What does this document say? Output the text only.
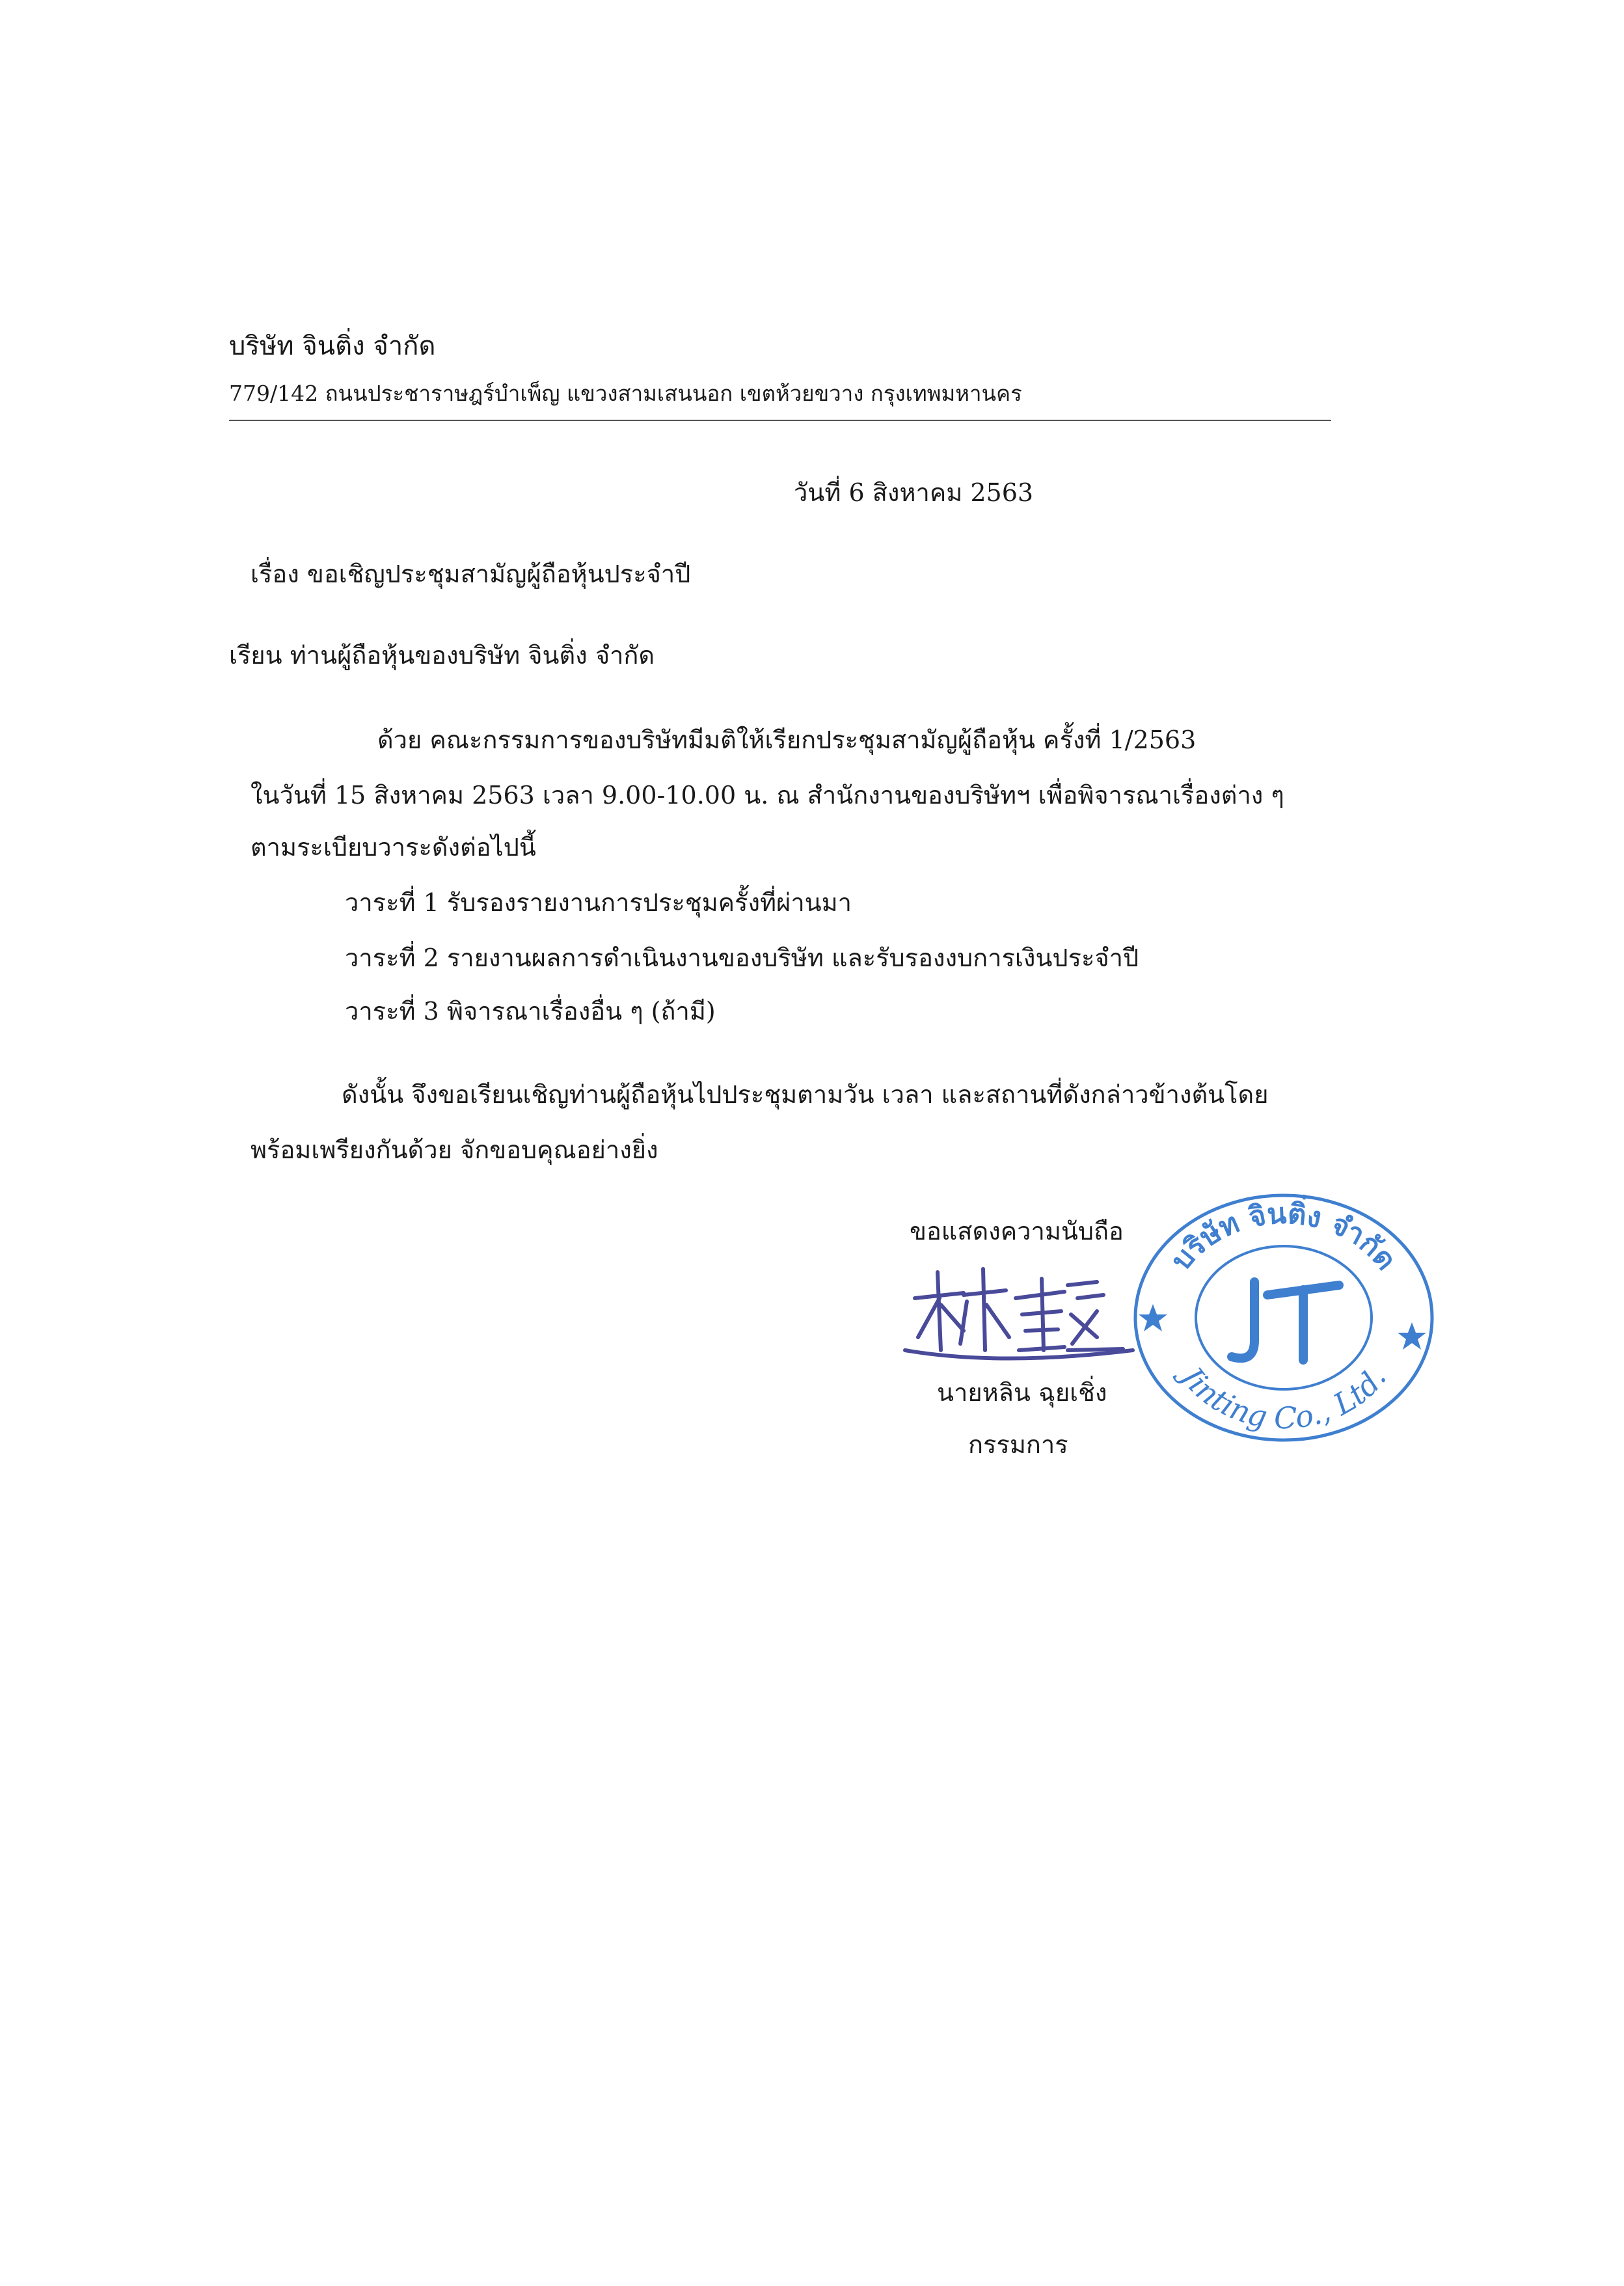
บริษัท จินติ่ง จำกัด
779/142 ถนนประชาราษฎร์บำเพ็ญ แขวงสามเสนนอก เขตห้วยขวาง กรุงเทพมหานคร
วันที่ 6 สิงหาคม 2563
เรื่อง ขอเชิญประชุมสามัญผู้ถือหุ้นประจำปี
เรียน ท่านผู้ถือหุ้นของบริษัท จินติ่ง จำกัด
ด้วย คณะกรรมการของบริษัทมีมติให้เรียกประชุมสามัญผู้ถือหุ้น ครั้งที่ 1/2563
ในวันที่ 15 สิงหาคม 2563 เวลา 9.00-10.00 น. ณ สำนักงานของบริษัทฯ เพื่อพิจารณาเรื่องต่าง ๆ
ตามระเบียบวาระดังต่อไปนี้
วาระที่ 1 รับรองรายงานการประชุมครั้งที่ผ่านมา
วาระที่ 2 รายงานผลการดำเนินงานของบริษัท และรับรองงบการเงินประจำปี
วาระที่ 3 พิจารณาเรื่องอื่น ๆ (ถ้ามี)
ดังนั้น จึงขอเรียนเชิญท่านผู้ถือหุ้นไปประชุมตามวัน เวลา และสถานที่ดังกล่าวข้างต้นโดย
พร้อมเพรียงกันด้วย จักขอบคุณอย่างยิ่ง
ขอแสดงความนับถือ
นายหลิน ฉุยเชิ่ง
กรรมการ
บริษัท จินติ่ง จำกัด
Jinting Co., Ltd.
